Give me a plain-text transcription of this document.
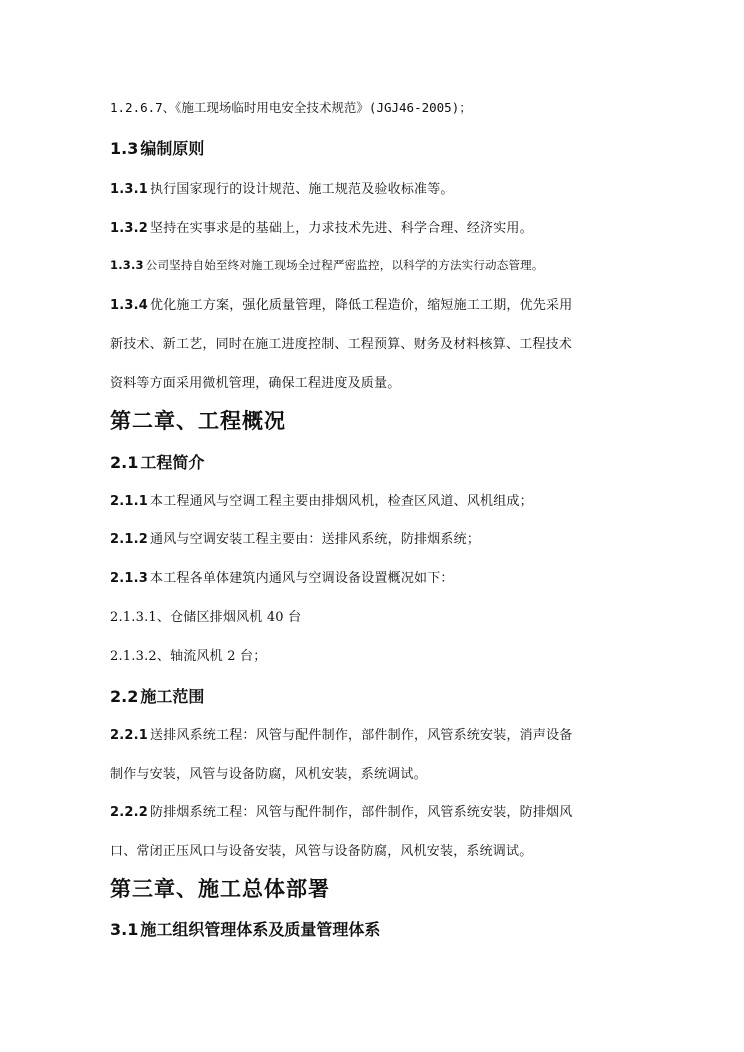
1.2.6.7、《施工现场临时用电安全技术规范》(JGJ46-2005)；
1.3 编制原则
1.3.1 执行国家现行的设计规范、施工规范及验收标准等。
1.3.2 坚持在实事求是的基础上，力求技术先进、科学合理、经济实用。
1.3.3 公司坚持自始至终对施工现场全过程严密监控，以科学的方法实行动态管理。
1.3.4 优化施工方案，强化质量管理，降低工程造价，缩短施工工期，优先采用
新技术、新工艺，同时在施工进度控制、工程预算、财务及材料核算、工程技术
资料等方面采用微机管理，确保工程进度及质量。
第二章、工程概况
2.1 工程简介
2.1.1 本工程通风与空调工程主要由排烟风机，检查区风道、风机组成；
2.1.2 通风与空调安装工程主要由：送排风系统，防排烟系统；
2.1.3 本工程各单体建筑内通风与空调设备设置概况如下：
2.1.3.1、仓储区排烟风机 40 台
2.1.3.2、轴流风机 2 台；
2.2 施工范围
2.2.1 送排风系统工程：风管与配件制作，部件制作，风管系统安装，消声设备
制作与安装，风管与设备防腐，风机安装，系统调试。
2.2.2 防排烟系统工程：风管与配件制作，部件制作，风管系统安装，防排烟风
口、常闭正压风口与设备安装，风管与设备防腐，风机安装，系统调试。
第三章、施工总体部署
3.1 施工组织管理体系及质量管理体系
